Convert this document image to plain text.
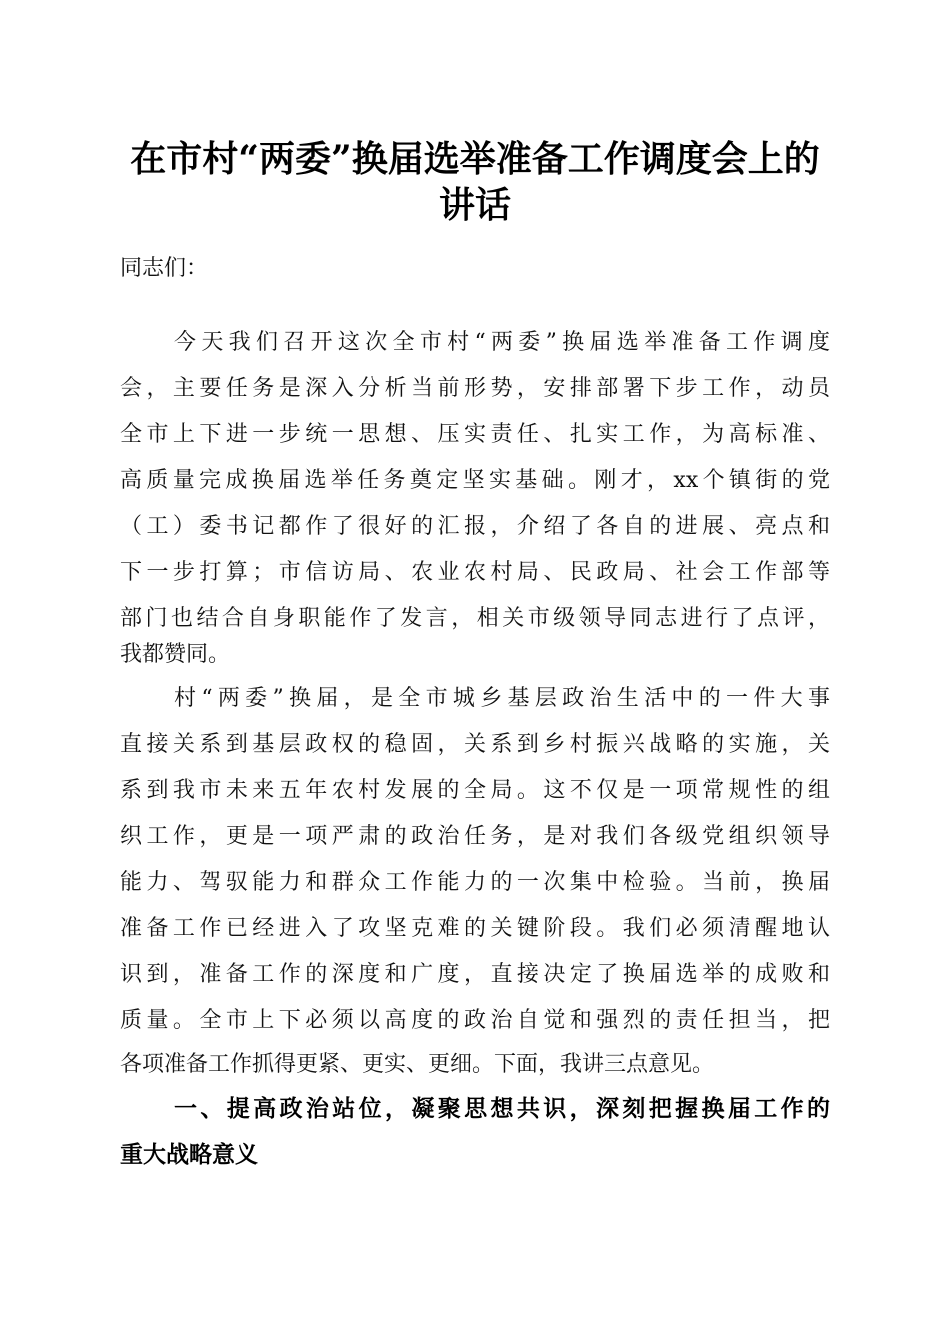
在市村“两委”换届选举准备工作调度会上的
讲话
同志们：
今天我们召开这次全市村“两委”换届选举准备工作调度
会，主要任务是深入分析当前形势，安排部署下步工作，动员
全市上下进一步统一思想、压实责任、扎实工作，为高标准、
高质量完成换届选举任务奠定坚实基础。刚才，xx个镇街的党
（工）委书记都作了很好的汇报，介绍了各自的进展、亮点和
下一步打算；市信访局、农业农村局、民政局、社会工作部等
部门也结合自身职能作了发言，相关市级领导同志进行了点评，
我都赞同。
村“两委”换届，是全市城乡基层政治生活中的一件大事
直接关系到基层政权的稳固，关系到乡村振兴战略的实施，关
系到我市未来五年农村发展的全局。这不仅是一项常规性的组
织工作，更是一项严肃的政治任务，是对我们各级党组织领导
能力、驾驭能力和群众工作能力的一次集中检验。当前，换届
准备工作已经进入了攻坚克难的关键阶段。我们必须清醒地认
识到，准备工作的深度和广度，直接决定了换届选举的成败和
质量。全市上下必须以高度的政治自觉和强烈的责任担当，把
各项准备工作抓得更紧、更实、更细。下面，我讲三点意见。
一、提高政治站位，凝聚思想共识，深刻把握换届工作的
重大战略意义
